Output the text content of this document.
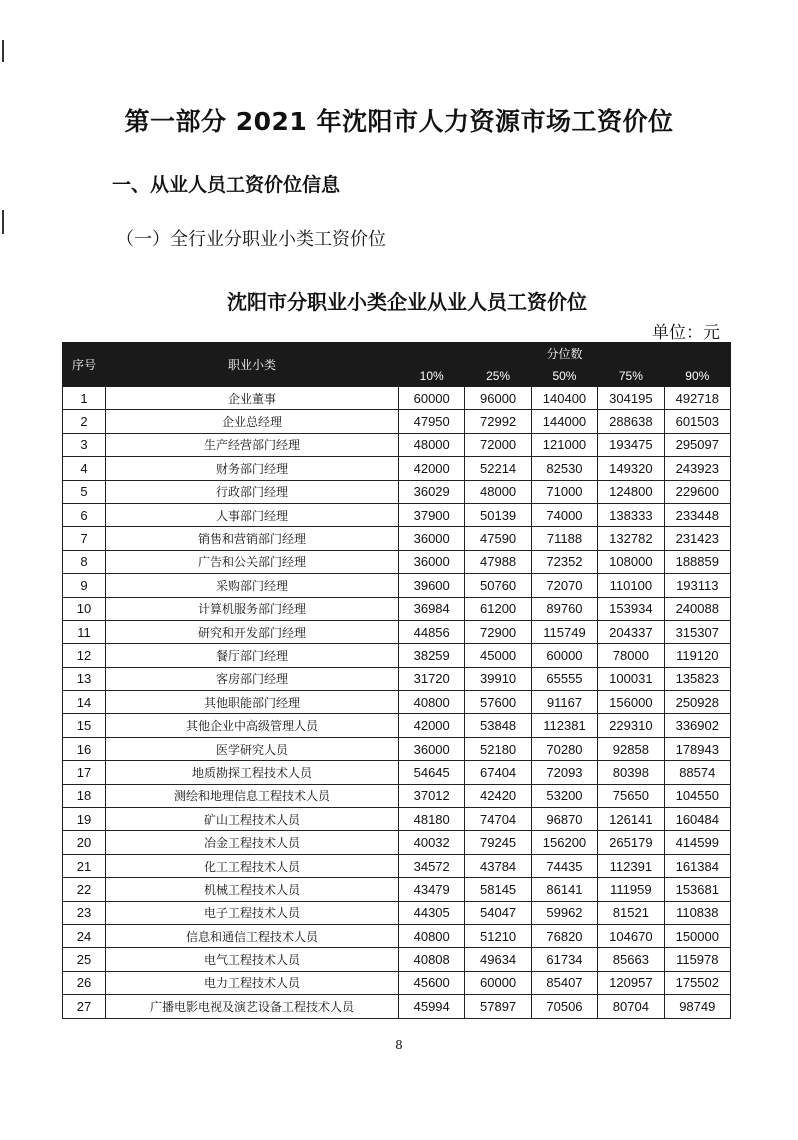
第一部分 2021 年沈阳市人力资源市场工资价位
一、从业人员工资价位信息
（一）全行业分职业小类工资价位
沈阳市分职业小类企业从业人员工资价位
单位：元
序号	职业小类	分位数				
		10%	25%	50%	75%	90%
1	企业董事	60000	96000	140400	304195	492718
2	企业总经理	47950	72992	144000	288638	601503
3	生产经营部门经理	48000	72000	121000	193475	295097
4	财务部门经理	42000	52214	82530	149320	243923
5	行政部门经理	36029	48000	71000	124800	229600
6	人事部门经理	37900	50139	74000	138333	233448
7	销售和营销部门经理	36000	47590	71188	132782	231423
8	广告和公关部门经理	36000	47988	72352	108000	188859
9	采购部门经理	39600	50760	72070	110100	193113
10	计算机服务部门经理	36984	61200	89760	153934	240088
11	研究和开发部门经理	44856	72900	115749	204337	315307
12	餐厅部门经理	38259	45000	60000	78000	119120
13	客房部门经理	31720	39910	65555	100031	135823
14	其他职能部门经理	40800	57600	91167	156000	250928
15	其他企业中高级管理人员	42000	53848	112381	229310	336902
16	医学研究人员	36000	52180	70280	92858	178943
17	地质勘探工程技术人员	54645	67404	72093	80398	88574
18	测绘和地理信息工程技术人员	37012	42420	53200	75650	104550
19	矿山工程技术人员	48180	74704	96870	126141	160484
20	冶金工程技术人员	40032	79245	156200	265179	414599
21	化工工程技术人员	34572	43784	74435	112391	161384
22	机械工程技术人员	43479	58145	86141	111959	153681
23	电子工程技术人员	44305	54047	59962	81521	110838
24	信息和通信工程技术人员	40800	51210	76820	104670	150000
25	电气工程技术人员	40808	49634	61734	85663	115978
26	电力工程技术人员	45600	60000	85407	120957	175502
27	广播电影电视及演艺设备工程技术人员	45994	57897	70506	80704	98749
8
